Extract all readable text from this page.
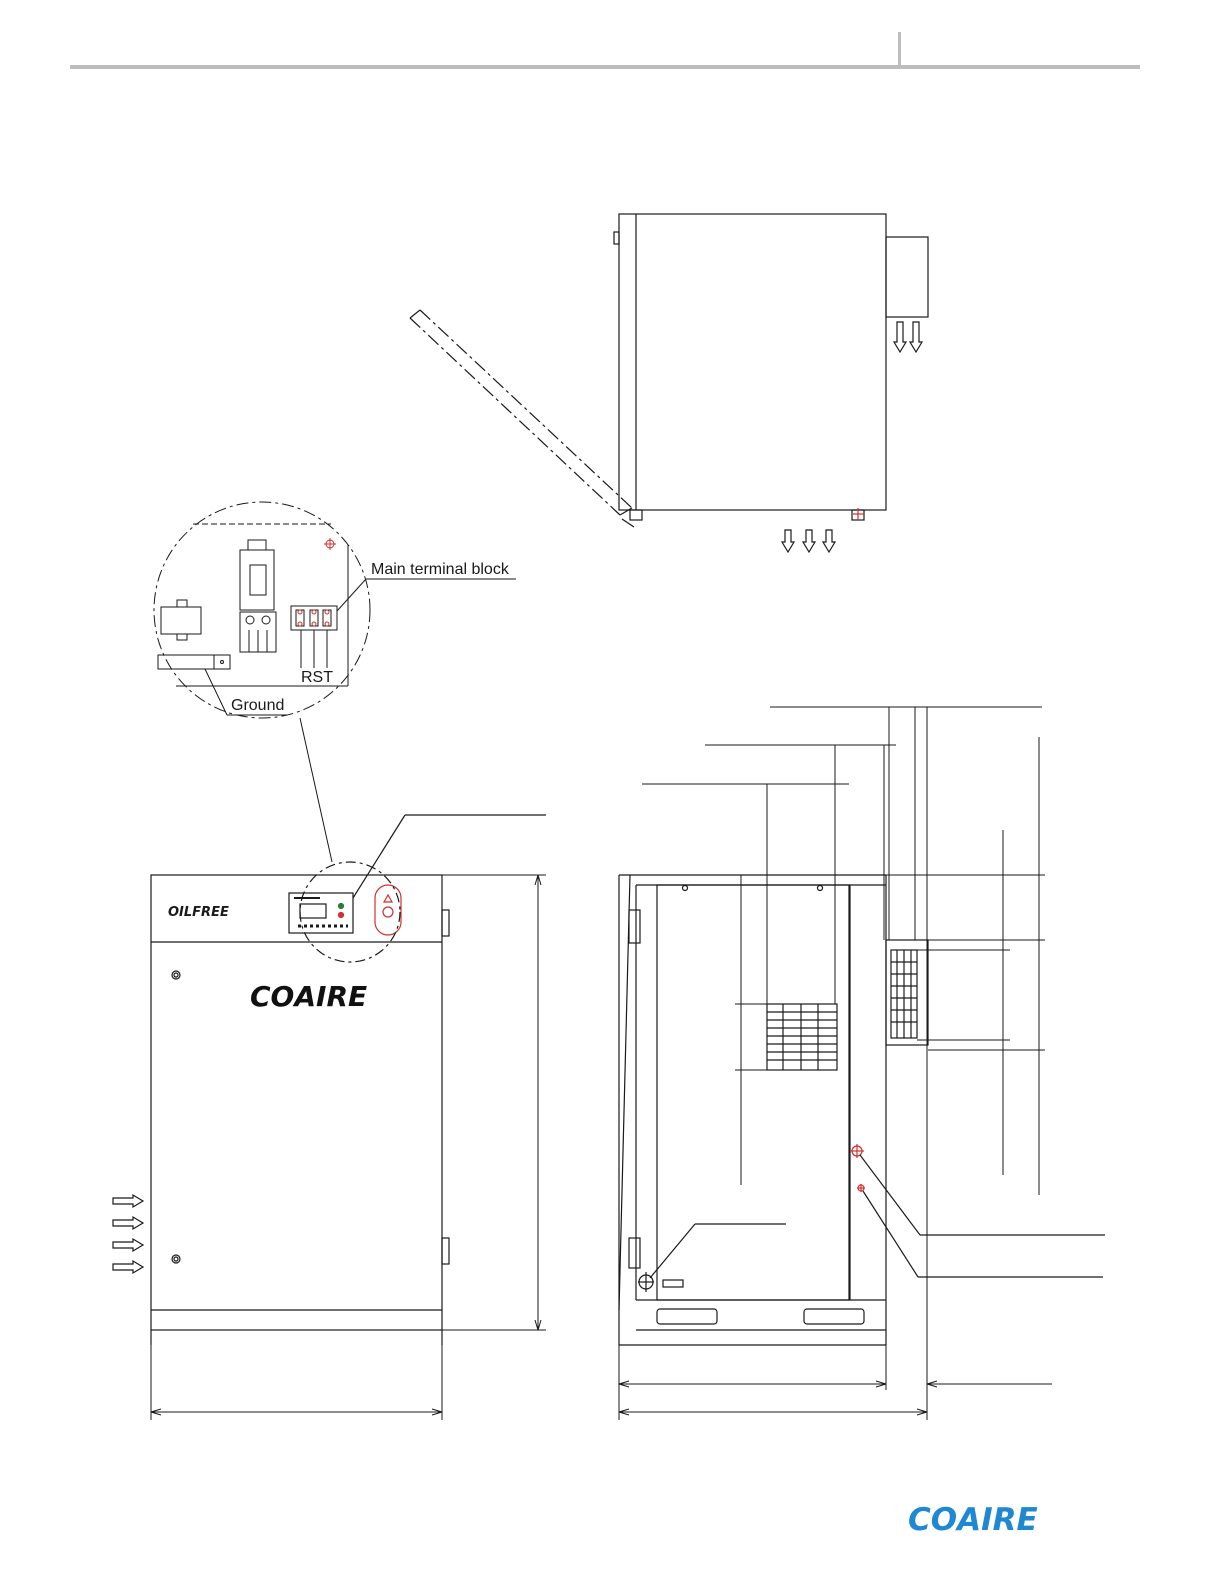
Main terminal block
RST
Ground
OILFREE
COAIRE
COAIRE
